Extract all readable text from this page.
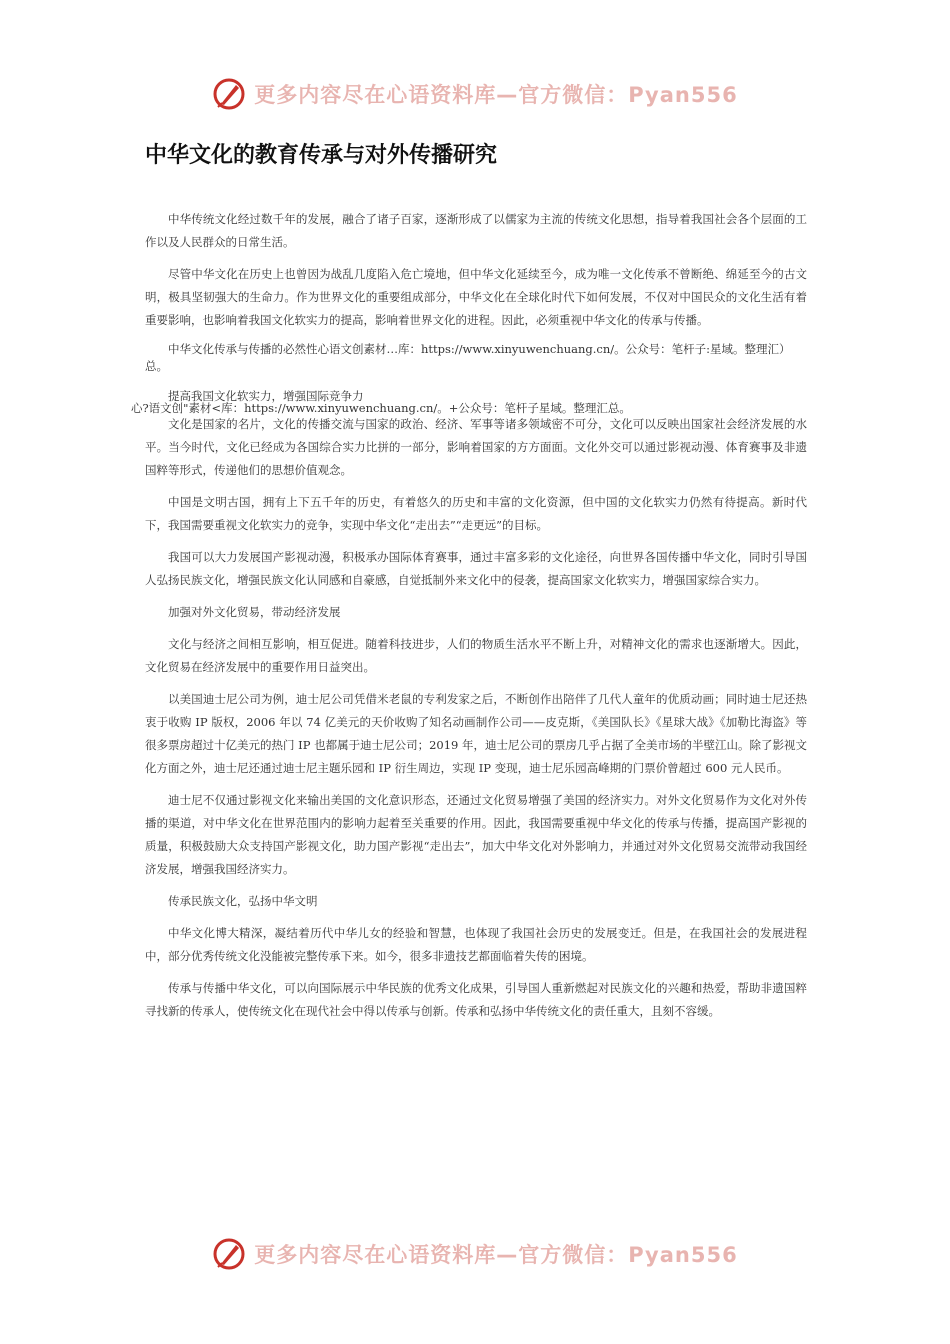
更多内容尽在心语资料库—官方微信：Pyan556
中华文化的教育传承与对外传播研究

中华传统文化经过数千年的发展，融合了诸子百家，逐渐形成了以儒家为主流的传统文化思想，指导着我国社会各个层面的工作以及人民群众的日常生活。

尽管中华文化在历史上也曾因为战乱几度陷入危亡境地，但中华文化延续至今，成为唯一文化传承不曾断绝、绵延至今的古文明，极具坚韧强大的生命力。作为世界文化的重要组成部分，中华文化在全球化时代下如何发展，不仅对中国民众的文化生活有着重要影响，也影响着我国文化软实力的提高，影响着世界文化的进程。因此，必须重视中华文化的传承与传播。

中华文化传承与传播的必然性心语文创素材…库：https://www.xinyuwenchuang.cn/。公众号：笔杆子:星域。整理汇）总。

提高我国文化软实力，增强国际竞争力

心?语文创"素材<库：https://www.xinyuwenchuang.cn/。+公众号：笔杆子星域。整理汇总。

文化是国家的名片，文化的传播交流与国家的政治、经济、军事等诸多领域密不可分，文化可以反映出国家社会经济发展的水平。当今时代，文化已经成为各国综合实力比拼的一部分，影响着国家的方方面面。文化外交可以通过影视动漫、体育赛事及非遗国粹等形式，传递他们的思想价值观念。

中国是文明古国，拥有上下五千年的历史，有着悠久的历史和丰富的文化资源，但中国的文化软实力仍然有待提高。新时代下，我国需要重视文化软实力的竞争，实现中华文化“走出去”“走更远”的目标。

我国可以大力发展国产影视动漫，积极承办国际体育赛事，通过丰富多彩的文化途径，向世界各国传播中华文化，同时引导国人弘扬民族文化，增强民族文化认同感和自豪感，自觉抵制外来文化中的侵袭，提高国家文化软实力，增强国家综合实力。

加强对外文化贸易，带动经济发展

文化与经济之间相互影响，相互促进。随着科技进步，人们的物质生活水平不断上升，对精神文化的需求也逐渐增大。因此，文化贸易在经济发展中的重要作用日益突出。

以美国迪士尼公司为例，迪士尼公司凭借米老鼠的专利发家之后，不断创作出陪伴了几代人童年的优质动画；同时迪士尼还热衷于收购 IP 版权，2006 年以 74 亿美元的天价收购了知名动画制作公司——皮克斯，《美国队长》《星球大战》《加勒比海盗》等很多票房超过十亿美元的热门 IP 也都属于迪士尼公司；2019 年，迪士尼公司的票房几乎占据了全美市场的半壁江山。除了影视文化方面之外，迪士尼还通过迪士尼主题乐园和 IP 衍生周边，实现 IP 变现，迪士尼乐园高峰期的门票价曾超过 600 元人民币。

迪士尼不仅通过影视文化来输出美国的文化意识形态，还通过文化贸易增强了美国的经济实力。对外文化贸易作为文化对外传播的渠道，对中华文化在世界范围内的影响力起着至关重要的作用。因此，我国需要重视中华文化的传承与传播，提高国产影视的质量，积极鼓励大众支持国产影视文化，助力国产影视“走出去”，加大中华文化对外影响力，并通过对外文化贸易交流带动我国经济发展，增强我国经济实力。

传承民族文化，弘扬中华文明

中华文化博大精深，凝结着历代中华儿女的经验和智慧，也体现了我国社会历史的发展变迁。但是，在我国社会的发展进程中，部分优秀传统文化没能被完整传承下来。如今，很多非遗技艺都面临着失传的困境。

传承与传播中华文化，可以向国际展示中华民族的优秀文化成果，引导国人重新燃起对民族文化的兴趣和热爱，帮助非遗国粹寻找新的传承人，使传统文化在现代社会中得以传承与创新。传承和弘扬中华传统文化的责任重大，且刻不容缓。

更多内容尽在心语资料库—官方微信：Pyan556
